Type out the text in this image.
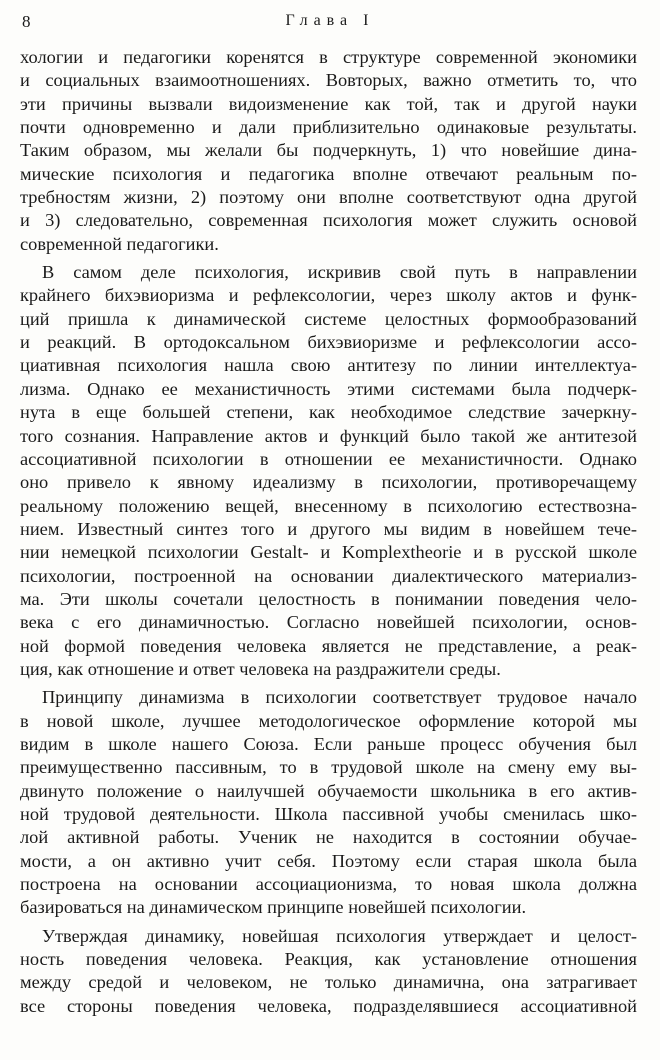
8	Глава I
хологии и педагогики коренятся в структуре современной экономики
и социальных взаимоотношениях. Вовторых, важно отметить то, что
эти причины вызвали видоизменение как той, так и другой науки
почти одновременно и дали приблизительно одинаковые результаты.
Таким образом, мы желали бы подчеркнуть, 1) что новейшие дина-
мические психология и педагогика вполне отвечают реальным по-
требностям жизни, 2) поэтому они вполне соответствуют одна другой
и 3) следовательно, современная психология может служить основой
современной педагогики.
В самом деле психология, искривив свой путь в направлении
крайнего бихэвиоризма и рефлексологии, через школу актов и функ-
ций пришла к динамической системе целостных формообразований
и реакций. В ортодоксальном бихэвиоризме и рефлексологии ассо-
циативная психология нашла свою антитезу по линии интеллектуа-
лизма. Однако ее механистичность этими системами была подчерк-
нута в еще большей степени, как необходимое следствие зачеркну-
того сознания. Направление актов и функций было такой же антитезой
ассоциативной психологии в отношении ее механистичности. Однако
оно привело к явному идеализму в психологии, противоречащему
реальному положению вещей, внесенному в психологию естествозна-
нием. Известный синтез того и другого мы видим в новейшем тече-
нии немецкой психологии Gestalt- и Komplextheorie и в русской школе
психологии, построенной на основании диалектического материализ-
ма. Эти школы сочетали целостность в понимании поведения чело-
века с его динамичностью. Согласно новейшей психологии, основ-
ной формой поведения человека является не представление, а реак-
ция, как отношение и ответ человека на раздражители среды.
Принципу динамизма в психологии соответствует трудовое начало
в новой школе, лучшее методологическое оформление которой мы
видим в школе нашего Союза. Если раньше процесс обучения был
преимущественно пассивным, то в трудовой школе на смену ему вы-
двинуто положение о наилучшей обучаемости школьника в его актив-
ной трудовой деятельности. Школа пассивной учобы сменилась шко-
лой активной работы. Ученик не находится в состоянии обучае-
мости, а он активно учит себя. Поэтому если старая школа была
построена на основании ассоциационизма, то новая школа должна
базироваться на динамическом принципе новейшей психологии.
Утверждая динамику, новейшая психология утверждает и целост-
ность поведения человека. Реакция, как установление отношения
между средой и человеком, не только динамична, она затрагивает
все стороны поведения человека, подразделявшиеся ассоциативной
